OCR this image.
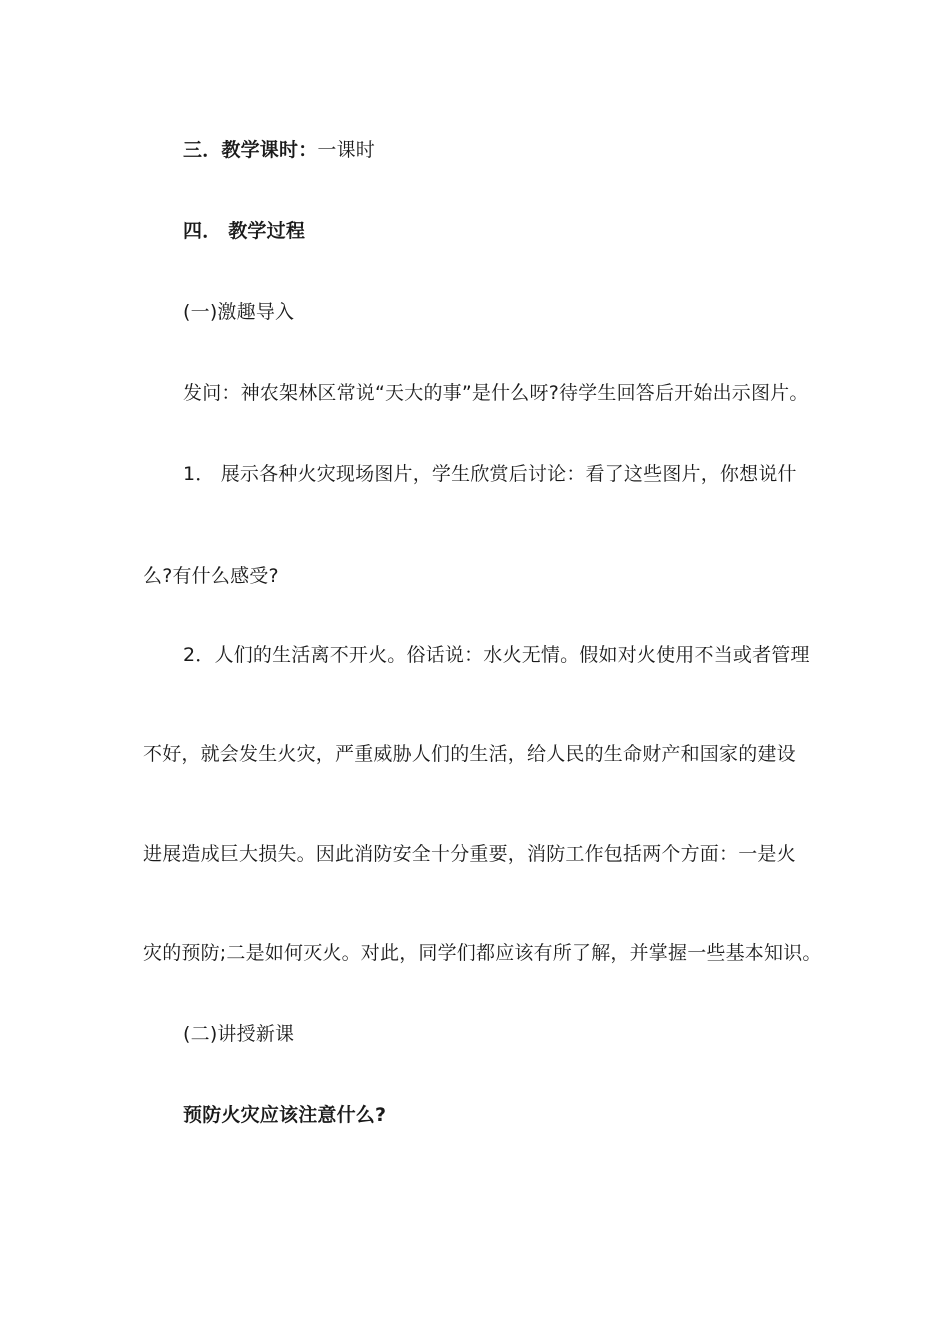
三．教学课时：一课时
四． 教学过程
(一)激趣导入
发问：神农架林区常说“天大的事”是什么呀?待学生回答后开始出示图片。
1． 展示各种火灾现场图片，学生欣赏后讨论：看了这些图片，你想说什
么?有什么感受?
2．人们的生活离不开火。俗话说：水火无情。假如对火使用不当或者管理
不好，就会发生火灾，严重威胁人们的生活，给人民的生命财产和国家的建设
进展造成巨大损失。因此消防安全十分重要，消防工作包括两个方面：一是火
灾的预防;二是如何灭火。对此，同学们都应该有所了解，并掌握一些基本知识。
(二)讲授新课
预防火灾应该注意什么?
